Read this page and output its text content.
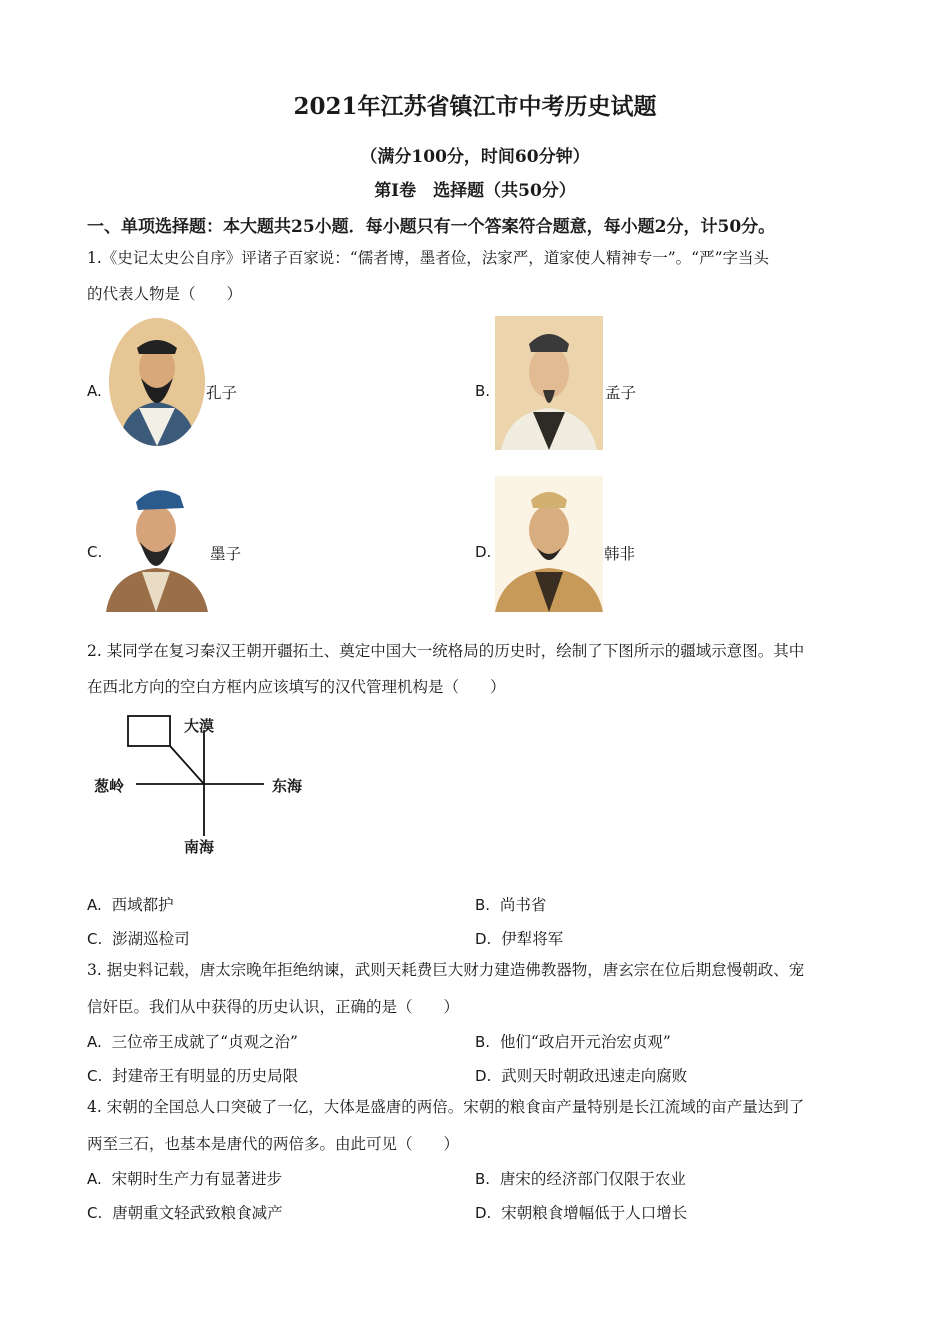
2021年江苏省镇江市中考历史试题
（满分100分，时间60分钟）
第Ⅰ卷　选择题（共50分）
一、单项选择题：本大题共25小题．每小题只有一个答案符合题意，每小题2分，计50分。
1.《史记太史公自序》评诸子百家说：“儒者博，墨者俭，法家严，道家使人精神专一”。“严”字当头
的代表人物是（　　）
A.	孔子	B.	孟子
C.	墨子	D.	韩非
2. 某同学在复习秦汉王朝开疆拓土、奠定中国大一统格局的历史时，绘制了下图所示的疆域示意图。其中
在西北方向的空白方框内应该填写的汉代管理机构是（　　）
大漠
葱岭	东海
南海
A. 西域都护	B. 尚书省
C. 澎湖巡检司	D. 伊犁将军
3. 据史料记载，唐太宗晚年拒绝纳谏，武则天耗费巨大财力建造佛教器物，唐玄宗在位后期怠慢朝政、宠
信奸臣。我们从中获得的历史认识，正确的是（　　）
A. 三位帝王成就了“贞观之治”	B. 他们“政启开元治宏贞观”
C. 封建帝王有明显的历史局限	D. 武则天时朝政迅速走向腐败
4. 宋朝的全国总人口突破了一亿，大体是盛唐的两倍。宋朝的粮食亩产量特别是长江流域的亩产量达到了
两至三石，也基本是唐代的两倍多。由此可见（　　）
A. 宋朝时生产力有显著进步	B. 唐宋的经济部门仅限于农业
C. 唐朝重文轻武致粮食减产	D. 宋朝粮食增幅低于人口增长
